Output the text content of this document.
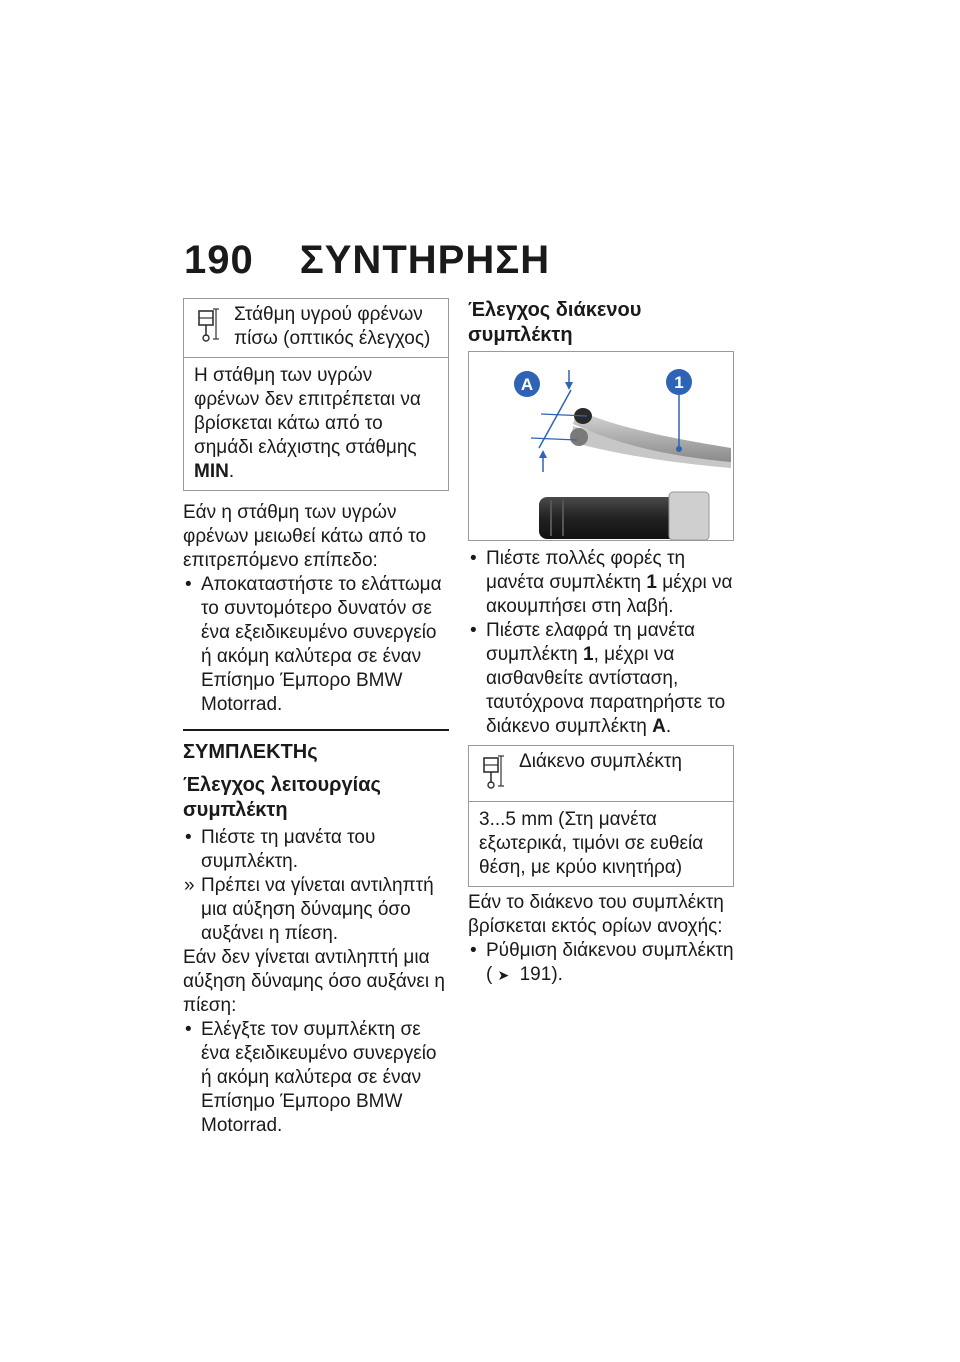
190 ΣΥΝΤΗΡΗΣΗ
Στάθμη υγρού φρένων πίσω (οπτικός έλεγχος)
Η στάθμη των υγρών φρένων δεν επιτρέπεται να βρίσκεται κάτω από το σημάδι ελάχιστης στάθμης MIN.

Εάν η στάθμη των υγρών φρένων μειωθεί κάτω από το επιτρεπόμενο επίπεδο:

• Αποκαταστήστε το ελάττωμα το συντομότερο δυνατόν σε ένα εξειδικευμένο συνεργείο ή ακόμη καλύτερα σε έναν Επίσημο Έμπορο BMW Motorrad.
ΣΥΜΠΛΕΚΤΗς
Έλεγχος λειτουργίας συμπλέκτη
• Πιέστε τη μανέτα του συμπλέκτη.
» Πρέπει να γίνεται αντιληπτή μια αύξηση δύναμης όσο αυξάνει η πίεση.

Εάν δεν γίνεται αντιληπτή μια αύξηση δύναμης όσο αυξάνει η πίεση:

• Ελέγξτε τον συμπλέκτη σε ένα εξειδικευμένο συνεργείο ή ακόμη καλύτερα σε έναν Επίσημο Έμπορο BMW Motorrad.
Έλεγχος διάκενου συμπλέκτη
A	1
• Πιέστε πολλές φορές τη μανέτα συμπλέκτη 1 μέχρι να ακουμπήσει στη λαβή.
• Πιέστε ελαφρά τη μανέτα συμπλέκτη 1, μέχρι να αισθανθείτε αντίσταση, ταυτόχρονα παρατηρήστε το διάκενο συμπλέκτη A.
Διάκενο συμπλέκτη
3...5 mm (Στη μανέτα εξωτερικά, τιμόνι σε ευθεία θέση, με κρύο κινητήρα)

Εάν το διάκενο του συμπλέκτη βρίσκεται εκτός ορίων ανοχής:

• Ρύθμιση διάκενου συμπλέκτη
( ➤ 191).
